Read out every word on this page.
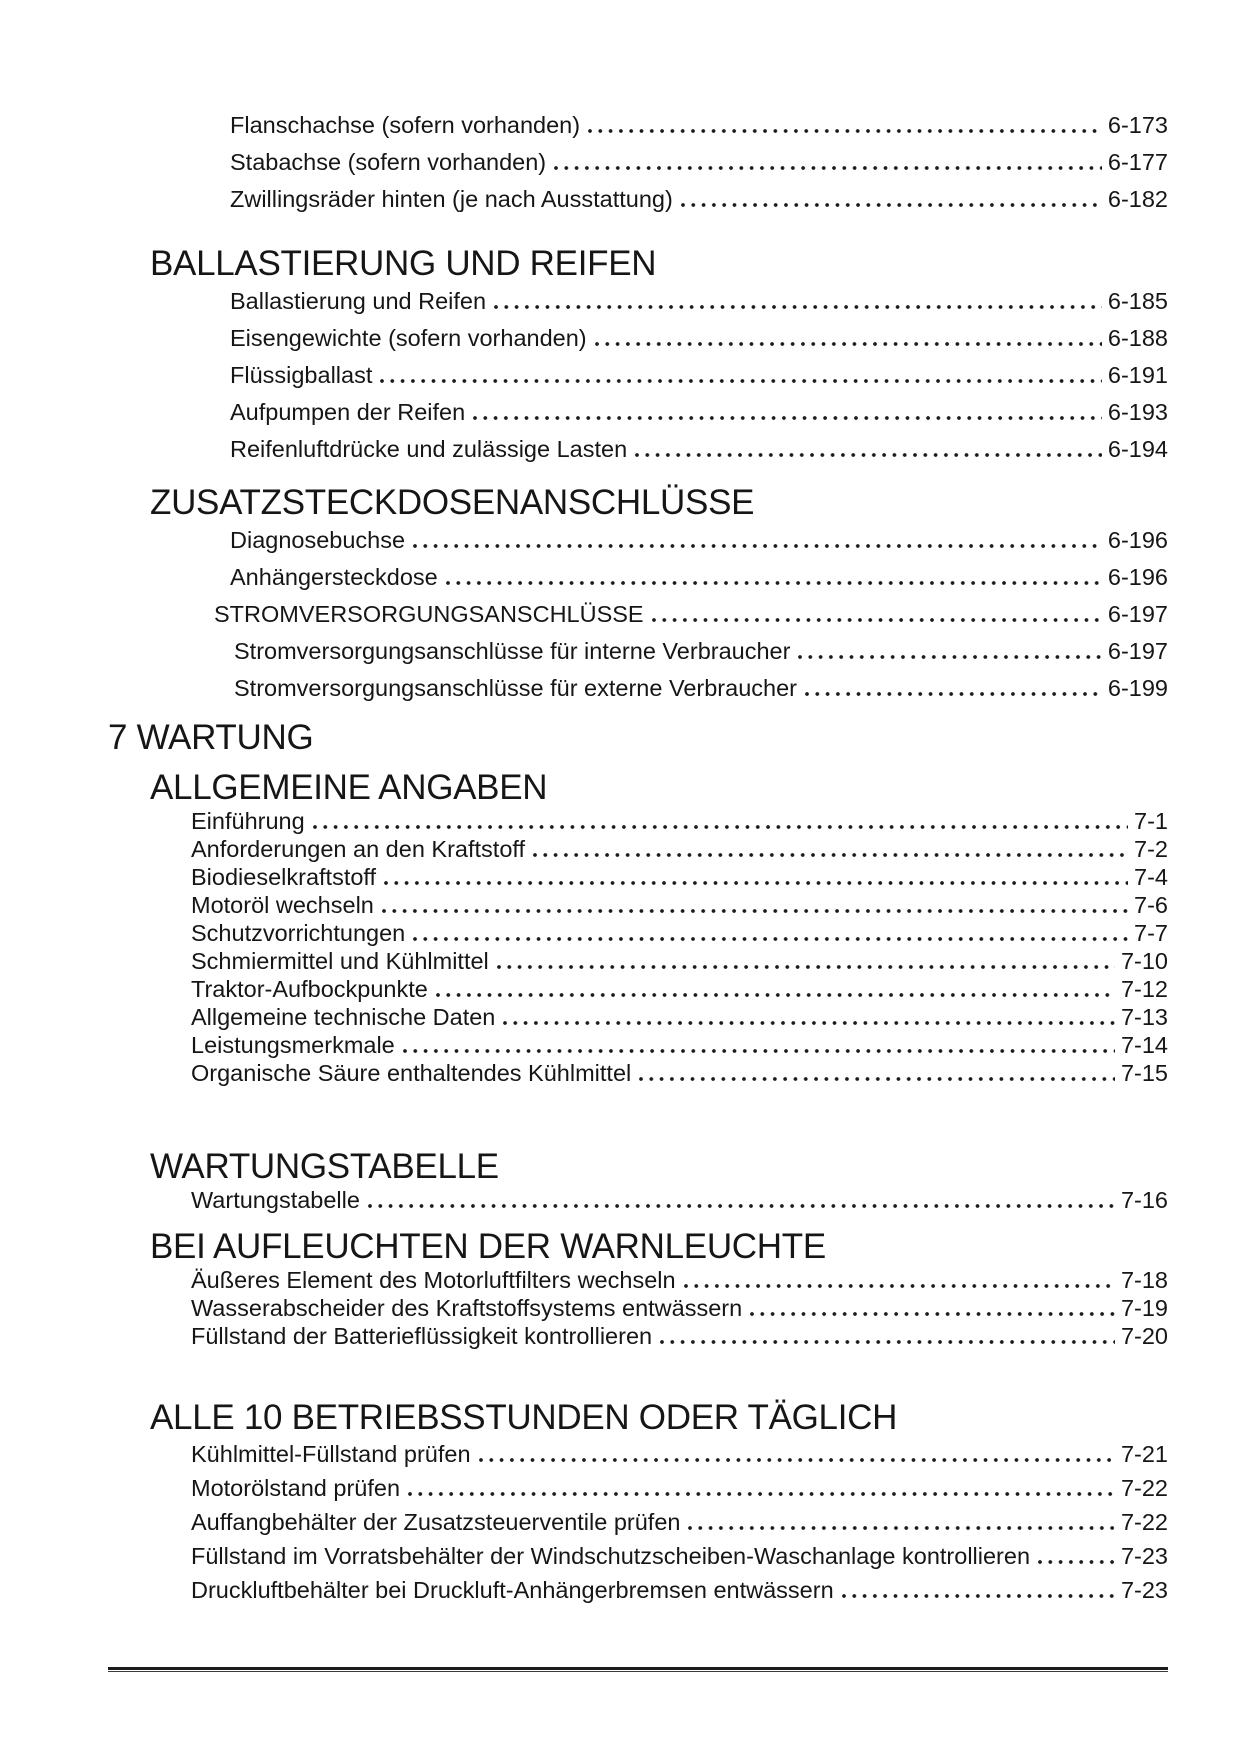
Flanschachse (sofern vorhanden)	6-173
Stabachse (sofern vorhanden)	6-177
Zwillingsräder hinten (je nach Ausstattung)	6-182
BALLASTIERUNG UND REIFEN
Ballastierung und Reifen	6-185
Eisengewichte (sofern vorhanden)	6-188
Flüssigballast	6-191
Aufpumpen der Reifen	6-193
Reifenluftdrücke und zulässige Lasten	6-194
ZUSATZSTECKDOSENANSCHLÜSSE
Diagnosebuchse	6-196
Anhängersteckdose	6-196
STROMVERSORGUNGSANSCHLÜSSE	6-197
Stromversorgungsanschlüsse für interne Verbraucher	6-197
Stromversorgungsanschlüsse für externe Verbraucher	6-199
7 WARTUNG
ALLGEMEINE ANGABEN
Einführung	7-1
Anforderungen an den Kraftstoff	7-2
Biodieselkraftstoff	7-4
Motoröl wechseln	7-6
Schutzvorrichtungen	7-7
Schmiermittel und Kühlmittel	7-10
Traktor-Aufbockpunkte	7-12
Allgemeine technische Daten	7-13
Leistungsmerkmale	7-14
Organische Säure enthaltendes Kühlmittel	7-15
WARTUNGSTABELLE
Wartungstabelle	7-16
BEI AUFLEUCHTEN DER WARNLEUCHTE
Äußeres Element des Motorluftfilters wechseln	7-18
Wasserabscheider des Kraftstoffsystems entwässern	7-19
Füllstand der Batterieflüssigkeit kontrollieren	7-20
ALLE 10 BETRIEBSSTUNDEN ODER TÄGLICH
Kühlmittel-Füllstand prüfen	7-21
Motorölstand prüfen	7-22
Auffangbehälter der Zusatzsteuerventile prüfen	7-22
Füllstand im Vorratsbehälter der Windschutzscheiben-Waschanlage kontrollieren	7-23
Druckluftbehälter bei Druckluft-Anhängerbremsen entwässern	7-23
